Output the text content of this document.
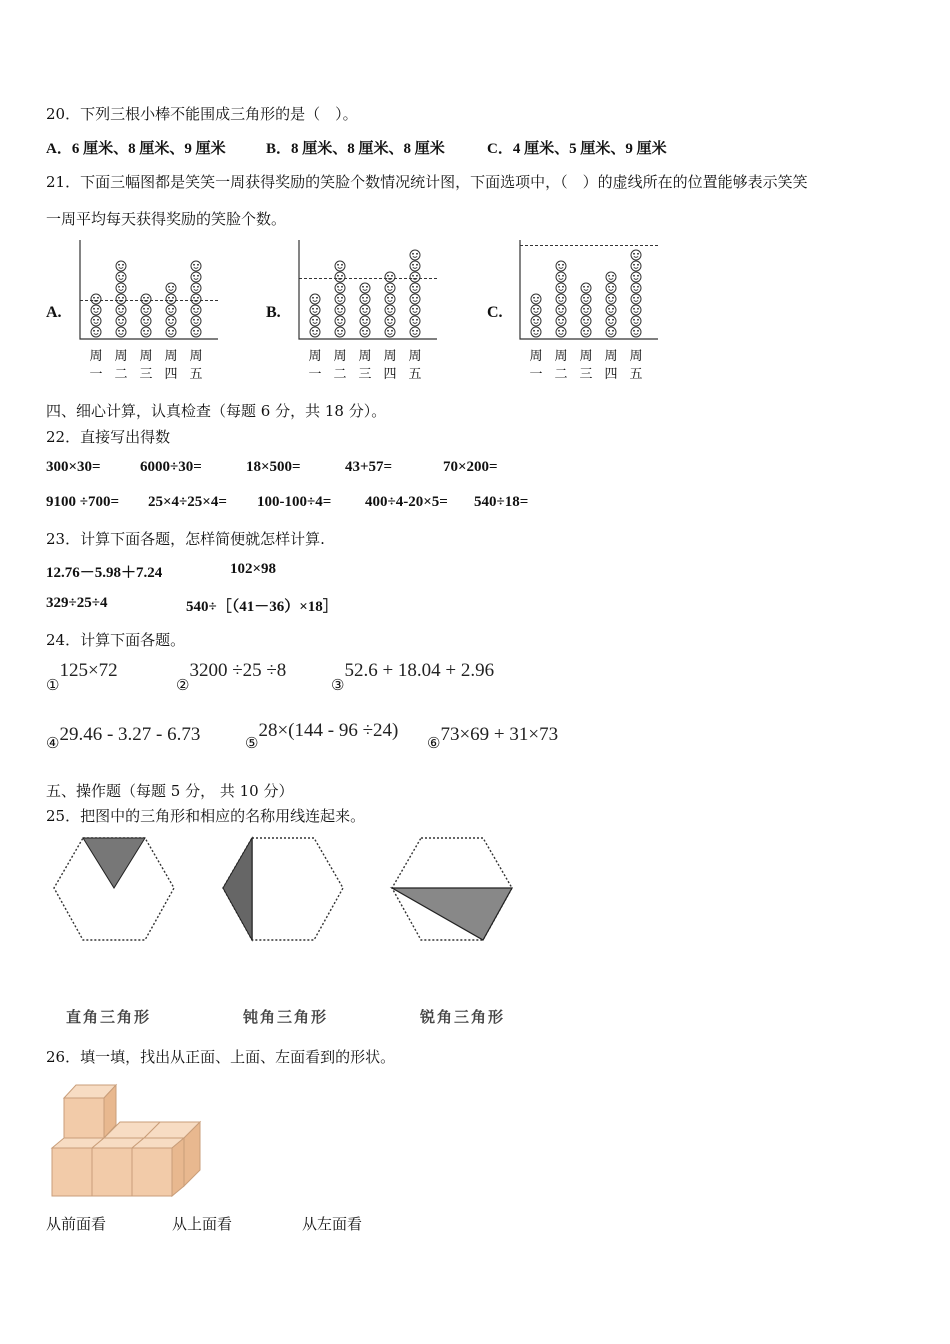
20．下列三根小棒不能围成三角形的是（　）。
A．6 厘米、8 厘米、9 厘米	B．8 厘米、8 厘米、8 厘米	C．4 厘米、5 厘米、9 厘米
21．下面三幅图都是笑笑一周获得奖励的笑脸个数情况统计图，下面选项中，（　）的虚线所在的位置能够表示笑笑
一周平均每天获得奖励的笑脸个数。
A.	B.	C.
周
一
周
二
周
三
周
四
周
五
周
一
周
二
周
三
周
四
周
五
周
一
周
二
周
三
周
四
周
五
四、细心计算，认真检查（每题 6 分，共 18 分）。
22．直接写出得数
300×30=	6000÷30=	18×500=	43+57=	70×200=
9100 ÷700= 25×4÷25×4= 100-100÷4= 400÷4-20×5= 540÷18=
23．计算下面各题，怎样简便就怎样计算.
12.76－5.98＋7.24	102×98
329÷25÷4	540÷［（41－36）×18］
24．计算下面各题。
①125×72
②3200 ÷25 ÷8
③52.6 + 18.04 + 2.96
④29.46 - 3.27 - 6.73	⑤28×(144 - 96 ÷24)
⑥73×69 + 31×73
五、操作题（每题 5 分， 共 10 分）
25．把图中的三角形和相应的名称用线连起来。
直角三角形	钝角三角形	锐角三角形
26．填一填，找出从正面、上面、左面看到的形状。
从前面看	从上面看	从左面看
